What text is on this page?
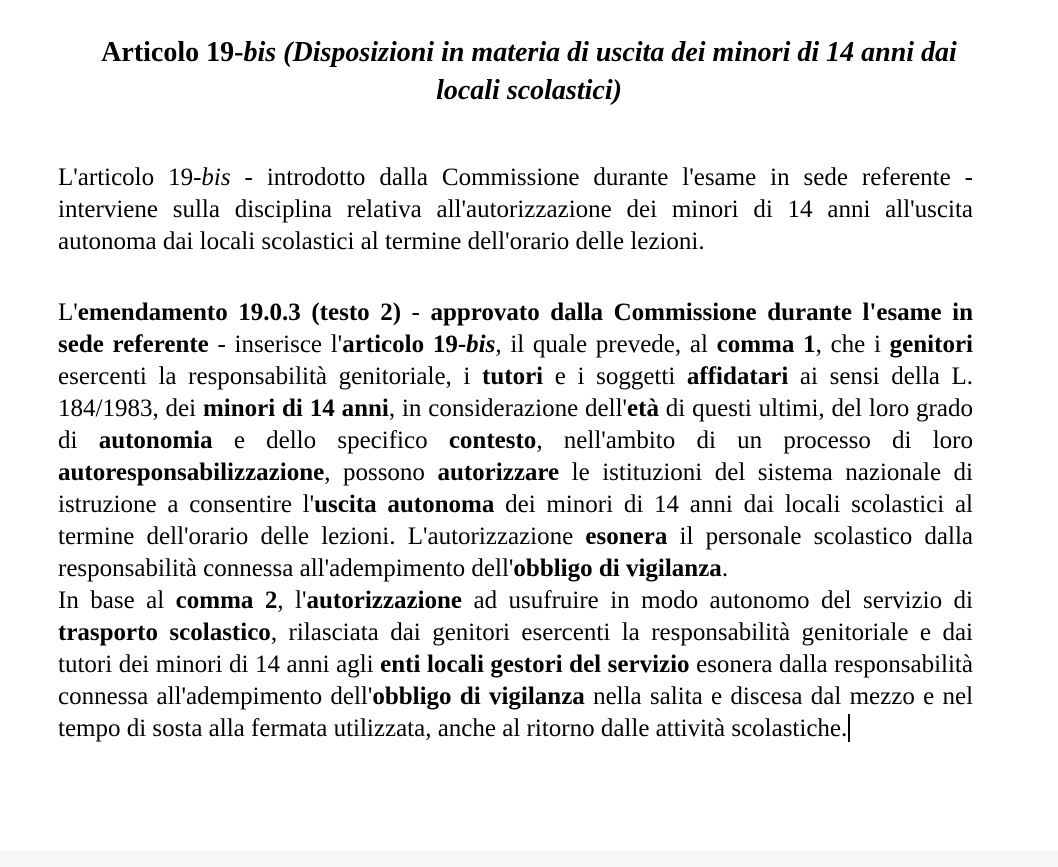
Articolo 19-bis (Disposizioni in materia di uscita dei minori di 14 anni dai locali scolastici)
L'articolo 19-bis - introdotto dalla Commissione durante l'esame in sede referente - interviene sulla disciplina relativa all'autorizzazione dei minori di 14 anni all'uscita autonoma dai locali scolastici al termine dell'orario delle lezioni.
L'emendamento 19.0.3 (testo 2) - approvato dalla Commissione durante l'esame in sede referente - inserisce l'articolo 19-bis, il quale prevede, al comma 1, che i genitori esercenti la responsabilità genitoriale, i tutori e i soggetti affidatari ai sensi della L. 184/1983, dei minori di 14 anni, in considerazione dell'età di questi ultimi, del loro grado di autonomia e dello specifico contesto, nell'ambito di un processo di loro autoresponsabilizzazione, possono autorizzare le istituzioni del sistema nazionale di istruzione a consentire l'uscita autonoma dei minori di 14 anni dai locali scolastici al termine dell'orario delle lezioni. L'autorizzazione esonera il personale scolastico dalla responsabilità connessa all'adempimento dell'obbligo di vigilanza.
In base al comma 2, l'autorizzazione ad usufruire in modo autonomo del servizio di trasporto scolastico, rilasciata dai genitori esercenti la responsabilità genitoriale e dai tutori dei minori di 14 anni agli enti locali gestori del servizio esonera dalla responsabilità connessa all'adempimento dell'obbligo di vigilanza nella salita e discesa dal mezzo e nel tempo di sosta alla fermata utilizzata, anche al ritorno dalle attività scolastiche.
